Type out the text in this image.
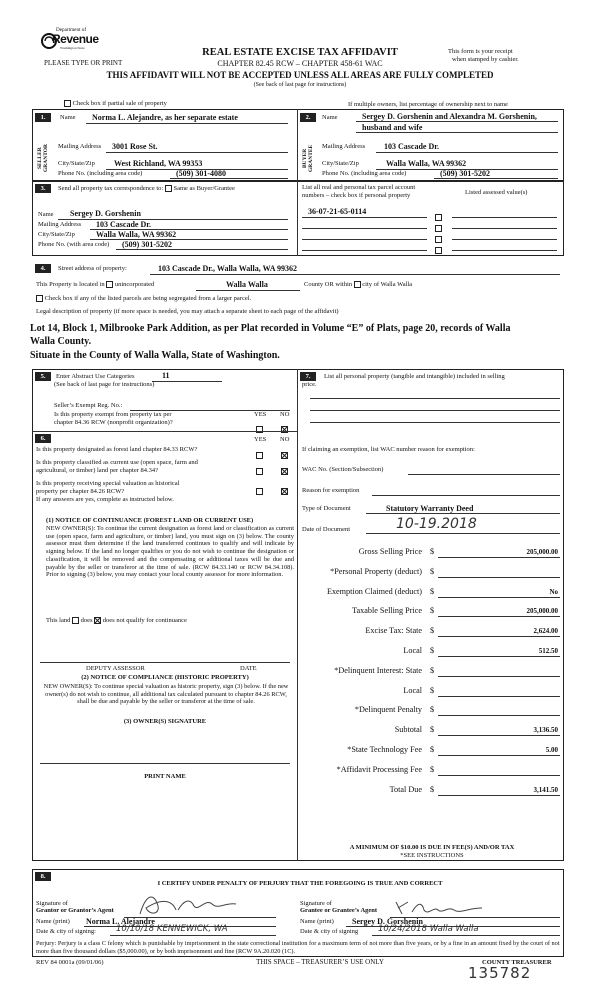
Department of
Revenue
Washington State
PLEASE TYPE OR PRINT
REAL ESTATE EXCISE TAX AFFIDAVIT
CHAPTER 82.45 RCW – CHAPTER 458-61 WAC
THIS AFFIDAVIT WILL NOT BE ACCEPTED UNLESS ALL AREAS ARE FULLY COMPLETED
(See back of last page for instructions)
This form is your receipt
when stamped by cashier.
Check box if partial sale of property	If multiple owners, list percentage of ownership next to name
1.	2.
SELLER GRANTOR	BUYER GRANTEE
Name Norma L. Alejandre, as her separate estate
Mailing Address 3001 Rose St.
City/State/Zip West Richland, WA 99353
Phone No. (including area code)	(509) 301-4080
Name	Sergey D. Gorshenin and Alexandra M. Gorshenin,
husband and wife
Mailing Address 103 Cascade Dr.
City/State/Zip	Walla Walla, WA 99362
Phone No. (including area code)	(509) 301-5202
3.	Send all property tax correspondence to: Same as Buyer/Grantee
Name Sergey D. Gorshenin
Mailing Address 103 Cascade Dr.
City/State/Zip	Walla Walla, WA 99362
Phone No. (with area code) (509) 301-5202
List all real and personal tax parcel account
numbers – check box if personal property	Listed assessed value(s)
36-07-21-65-0114
4.	Street address of property:	103 Cascade Dr., Walla Walla, WA 99362
This Property is located in unincorporated	Walla Walla	County OR within city of Walla Walla
Check box if any of the listed parcels are being segregated from a larger parcel.
Legal description of property (if more space is needed, you may attach a separate sheet to each page of the affidavit)
Lot 14, Block 1, Milbrooke Park Addition, as per Plat recorded in Volume “E” of Plats, page 20, records of Walla
Walla County.
Situate in the County of Walla Walla, State of Washington.
5.	Enter Abstract Use Categories	11
(See back of last page for instructions)
Seller’s Exempt Reg. No.:
Is this property exempt from property tax per
chapter 84.36 RCW (nonprofit organization)?
YES NO
6.	YES NO
Is this property designated as forest land chapter 84.33 RCW?
Is this property classified as current use (open space, farm and
agricultural, or timber) land per chapter 84.34?
Is this property receiving special valuation as historical
property per chapter 84.26 RCW?
If any answers are yes, complete as instructed below.
(1) NOTICE OF CONTINUANCE (FOREST LAND OR CURRENT USE)
NEW OWNER(S): To continue the current designation as forest land or classification as current use (open space, farm and agriculture, or timber) land, you must sign on (3) below. The county assessor must then determine if the land transferred continues to qualify and will indicate by signing below. If the land no longer qualifies or you do not wish to continue the designation or classification, it will be removed and the compensating or additional taxes will be due and payable by the seller or transferor at the time of sale. (RCW 84.33.140 or RCW 84.34.108). Prior to signing (3) below, you may contact your local county assessor for more information.
This land does does not qualify for continuance
DEPUTY ASSESSOR	DATE
(2) NOTICE OF COMPLIANCE (HISTORIC PROPERTY)
NEW OWNER(S): To continue special valuation as historic property, sign (3) below. If the new owner(s) do not wish to continue, all additional tax calculated pursuant to chapter 84.26 RCW, shall be due and payable by the seller or transferor at the time of sale.
(3) OWNER(S) SIGNATURE
PRINT NAME
7.	List all personal property (tangible and intangible) included in selling
price.
If claiming an exemption, list WAC number reason for exemption:
WAC No. (Section/Subsection)
Reason for exemption
Type of Document	Statutory Warranty Deed
Date of Document	10-19.2018
Gross Selling Price $	205,000.00
*Personal Property (deduct) $
Exemption Claimed (deduct) $	No
Taxable Selling Price $	205,000.00
Excise Tax: State $	2,624.00
Local $	512.50
*Delinquent Interest: State $
Local $
*Delinquent Penalty $
Subtotal $	3,136.50
*State Technology Fee $	5.00
*Affidavit Processing Fee $
Total Due $	3,141.50
A MINIMUM OF $10.00 IS DUE IN FEE(S) AND/OR TAX
*SEE INSTRUCTIONS
8.
I CERTIFY UNDER PENALTY OF PERJURY THAT THE FOREGOING IS TRUE AND CORRECT
Signature of
Grantor or Grantor’s Agent
Name (print) Norma L. Alejandre
Date & city of signing: 10/10/18 KENNEWICK, WA
Signature of
Grantee or Grantee’s Agent
Name (print) Sergey D. Gorshenin
Date & city of signing 10/24/2018 Walla Walla
Perjury: Perjury is a class C felony which is punishable by imprisonment in the state correctional institution for a maximum term of not more than five years, or by a fine in an amount fixed by the court of not more than five thousand dollars ($5,000.00), or by both imprisonment and fine (RCW 9A.20.020 (1C).
REV 84 0001a (09/01/06)	THIS SPACE – TREASURER’S USE ONLY	COUNTY TREASURER
135782
